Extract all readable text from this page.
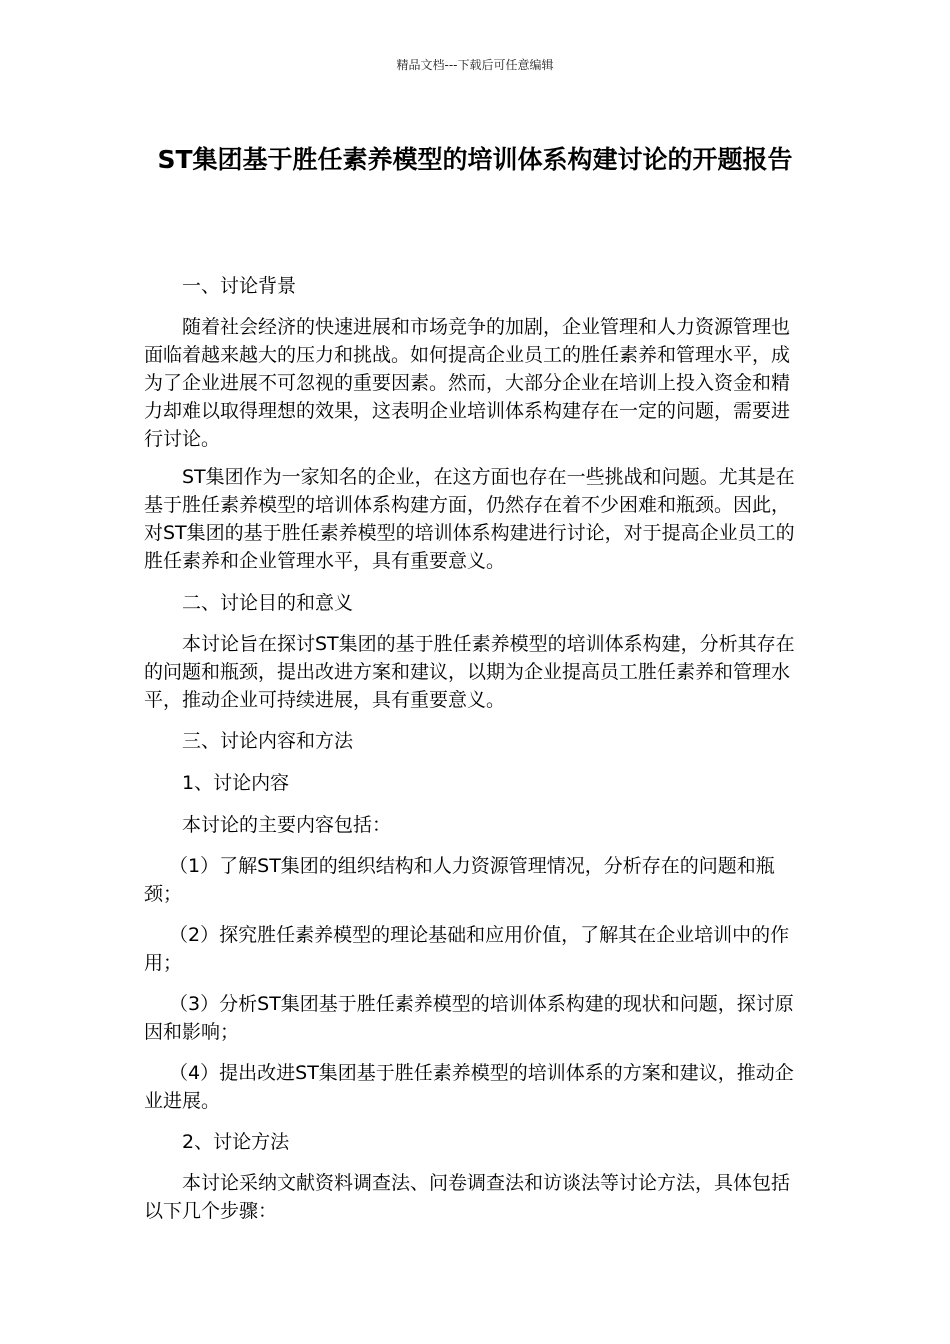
精品文档---下载后可任意编辑
ST集团基于胜任素养模型的培训体系构建讨论的开题报告
　　一、讨论背景
　　随着社会经济的快速进展和市场竞争的加剧，企业管理和人力资源管理也面临着越来越大的压力和挑战。如何提高企业员工的胜任素养和管理水平，成为了企业进展不可忽视的重要因素。然而，大部分企业在培训上投入资金和精力却难以取得理想的效果，这表明企业培训体系构建存在一定的问题，需要进行讨论。
　　ST集团作为一家知名的企业，在这方面也存在一些挑战和问题。尤其是在基于胜任素养模型的培训体系构建方面，仍然存在着不少困难和瓶颈。因此，对ST集团的基于胜任素养模型的培训体系构建进行讨论，对于提高企业员工的胜任素养和企业管理水平，具有重要意义。
　　二、讨论目的和意义
　　本讨论旨在探讨ST集团的基于胜任素养模型的培训体系构建，分析其存在的问题和瓶颈，提出改进方案和建议，以期为企业提高员工胜任素养和管理水平，推动企业可持续进展，具有重要意义。
　　三、讨论内容和方法
　　1、讨论内容
　　本讨论的主要内容包括：
　 （1）了解ST集团的组织结构和人力资源管理情况，分析存在的问题和瓶颈；
　 （2）探究胜任素养模型的理论基础和应用价值，了解其在企业培训中的作用；
　 （3）分析ST集团基于胜任素养模型的培训体系构建的现状和问题，探讨原因和影响；
　 （4）提出改进ST集团基于胜任素养模型的培训体系的方案和建议，推动企业进展。
　　2、讨论方法
　　本讨论采纳文献资料调查法、问卷调查法和访谈法等讨论方法，具体包括以下几个步骤：
